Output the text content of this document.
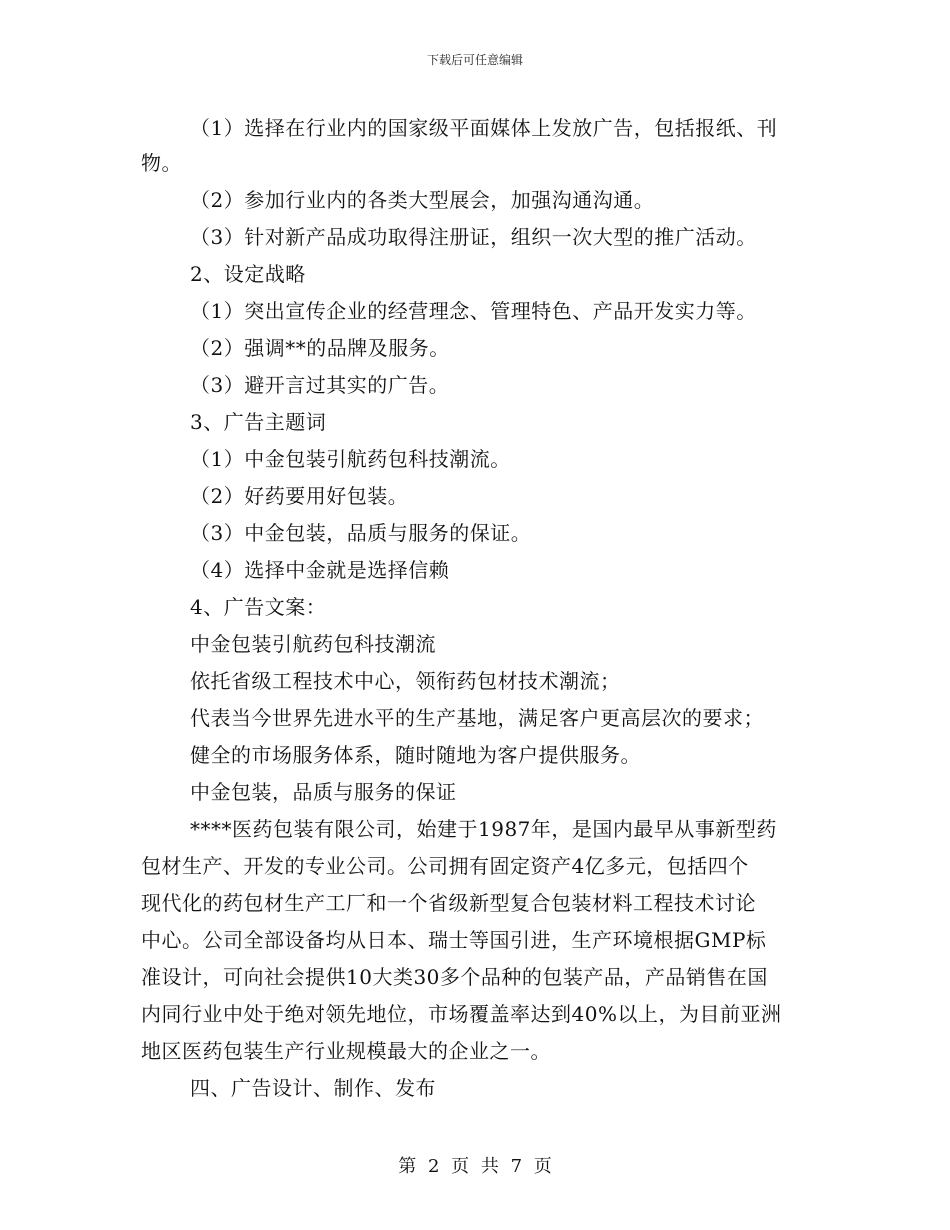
下载后可任意编辑
（1）选择在行业内的国家级平面媒体上发放广告，包括报纸、刊
物。
（2）参加行业内的各类大型展会，加强沟通沟通。
（3）针对新产品成功取得注册证，组织一次大型的推广活动。
2、设定战略
（1）突出宣传企业的经营理念、管理特色、产品开发实力等。
（2）强调**的品牌及服务。
（3）避开言过其实的广告。
3、广告主题词
（1）中金包装引航药包科技潮流。
（2）好药要用好包装。
（3）中金包装，品质与服务的保证。
（4）选择中金就是选择信赖
4、广告文案：
中金包装引航药包科技潮流
依托省级工程技术中心，领衔药包材技术潮流；
代表当今世界先进水平的生产基地，满足客户更高层次的要求；
健全的市场服务体系，随时随地为客户提供服务。
中金包装，品质与服务的保证
****医药包装有限公司，始建于1987年，是国内最早从事新型药
包材生产、开发的专业公司。公司拥有固定资产4亿多元，包括四个
现代化的药包材生产工厂和一个省级新型复合包装材料工程技术讨论
中心。公司全部设备均从日本、瑞士等国引进，生产环境根据GMP标
准设计，可向社会提供10大类30多个品种的包装产品，产品销售在国
内同行业中处于绝对领先地位，市场覆盖率达到40%以上，为目前亚洲
地区医药包装生产行业规模最大的企业之一。
四、广告设计、制作、发布
第 2 页 共 7 页
